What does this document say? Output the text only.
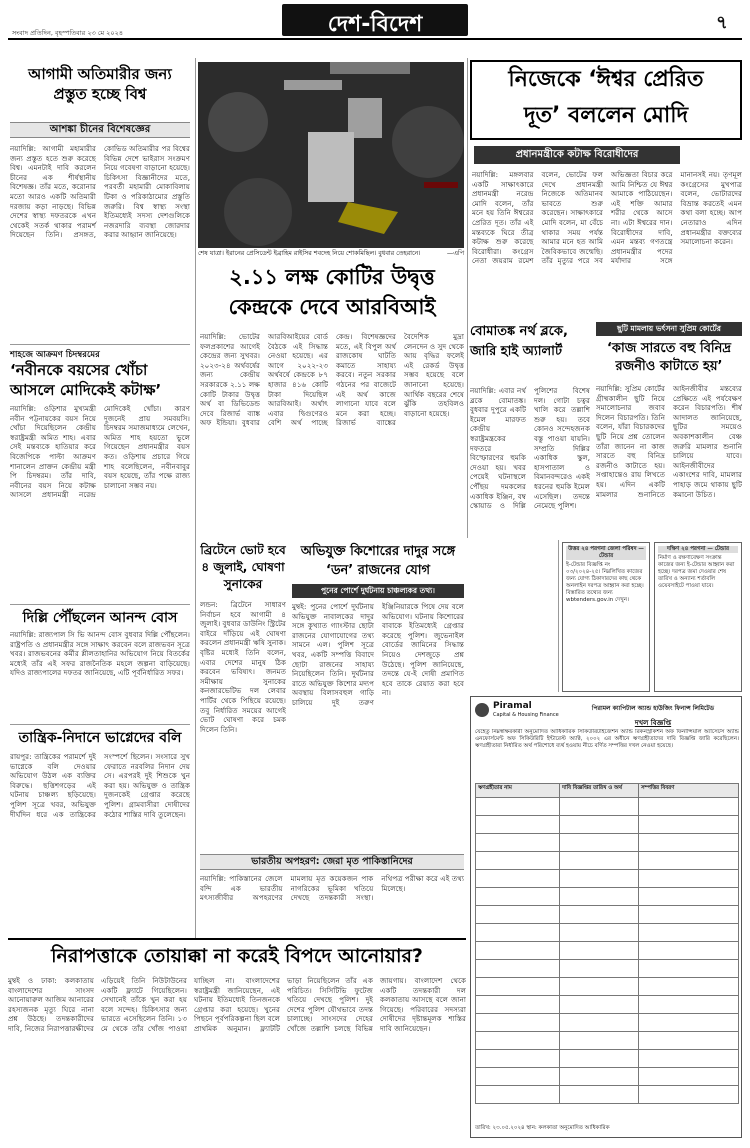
সংবাদ প্রতিদিন, বৃহস্পতিবার ২৩ মে ২০২৪	দেশ-বিদেশ	৭
আগামী অতিমারীর জন্য প্রস্তুত হচ্ছে বিশ্ব
আশঙ্কা চীনের বিশেষজ্ঞের
নয়াদিল্লি: আগামী মহামারীর জন্য প্রস্তুত হতে শুরু করেছে বিশ্ব। এমনটাই দাবি করলেন চীনের এক শীর্ষস্থানীয় বিশেষজ্ঞ। তাঁর মতে, করোনার মতো আরও একটি অতিমারী দরজায় কড়া নাড়ছে। বিভিন্ন দেশের স্বাস্থ্য দফতরকে এখন থেকেই সতর্ক থাকার পরামর্শ দিয়েছেন তিনি। প্রসঙ্গত, কোভিড অতিমারীর পর বিশ্বের বিভিন্ন দেশে ভাইরাস সংক্রমণ নিয়ে গবেষণা বাড়ানো হয়েছে। চিকিৎসা বিজ্ঞানীদের মতে, পরবর্তী মহামারী মোকাবিলায় টিকা ও পরিকাঠামোর প্রস্তুতি জরুরি। বিশ্ব স্বাস্থ্য সংস্থা ইতিমধ্যেই সদস্য দেশগুলিকে নজরদারি ব্যবস্থা জোরদার করার আহ্বান জানিয়েছে।
শেষ যাত্রা। ইরানের প্রেসিডেন্ট ইব্রাহিম রাইসির শবদেহ নিয়ে শোকমিছিল। বুধবার তেহরানে।	—এপি
নিজেকে ‘ঈশ্বর প্রেরিত
দূত’ বললেন মোদি
প্রধানমন্ত্রীকে কটাক্ষ বিরোধীদের
নয়াদিল্লি: মঙ্গলবার একটি সাক্ষাৎকারে প্রধানমন্ত্রী নরেন্দ্র মোদি বলেন, তাঁর মনে হয় তিনি ঈশ্বরের প্রেরিত দূত। তাঁর এই মন্তব্যকে ঘিরে তীব্র কটাক্ষ শুরু করেছে বিরোধীরা। কংগ্রেস নেতা জয়রাম রমেশ বলেন, ভোটের ফল দেখে প্রধানমন্ত্রী নিজেকে অতিমানব ভাবতে শুরু করেছেন। সাক্ষাৎকারে মোদি বলেন, মা বেঁচে থাকার সময় পর্যন্ত আমার মনে হত আমি জৈবিকভাবে জন্মেছি। তাঁর মৃত্যুর পরে সব অভিজ্ঞতা বিচার করে আমি নিশ্চিত যে ঈশ্বর আমাকে পাঠিয়েছেন। এই শক্তি আমার শরীর থেকে আসে না। এটা ঈশ্বরের দান। বিরোধীদের দাবি, এমন মন্তব্য গণতন্ত্রে প্রধানমন্ত্রীর পদের মর্যাদার সঙ্গে মানানসই নয়। তৃণমূল কংগ্রেসের মুখপাত্র বলেন, ভোটারদের বিভ্রান্ত করতেই এমন কথা বলা হচ্ছে। আপ নেতারাও এদিন প্রধানমন্ত্রীর বক্তব্যের সমালোচনা করেন।
শাহজে আক্রমণ চিদম্বরমের
‘নবীনকে বয়সের খোঁচা আসলে মোদিকেই কটাক্ষ’
নয়াদিল্লি: ওড়িশার মুখ্যমন্ত্রী নবীন পট্টনায়কের বয়স নিয়ে খোঁচা দিয়েছিলেন কেন্দ্রীয় স্বরাষ্ট্রমন্ত্রী অমিত শাহ। এবার সেই মন্তব্যকে হাতিয়ার করে বিজেপিকে পাল্টা আক্রমণ শানালেন প্রাক্তন কেন্দ্রীয় মন্ত্রী পি চিদম্বরম। তাঁর দাবি, নবীনের বয়স নিয়ে কটাক্ষ আসলে প্রধানমন্ত্রী নরেন্দ্র মোদিকেই খোঁচা। কারণ দুজনেই প্রায় সমবয়সি। চিদম্বরম সমাজমাধ্যমে লেখেন, অমিত শাহ হয়তো ভুলে গিয়েছেন প্রধানমন্ত্রীর বয়স কত। ওড়িশায় প্রচারে গিয়ে শাহ বলেছিলেন, নবীনবাবুর বয়স হয়েছে, তাঁর পক্ষে রাজ্য চালানো সম্ভব নয়।
২.১১ লক্ষ কোটির উদ্বৃত্ত কেন্দ্রকে দেবে আরবিআই
নয়াদিল্লি: ভোটের ফলপ্রকাশের আগেই কেন্দ্রের জন্য সুখবর। ২০২৩-২৪ অর্থবর্ষের জন্য কেন্দ্রীয় সরকারকে ২.১১ লক্ষ কোটি টাকার উদ্বৃত্ত অর্থ বা ডিভিডেন্ড দেবে রিজার্ভ ব্যাঙ্ক অফ ইন্ডিয়া। বুধবার আরবিআইয়ের বোর্ড বৈঠকে এই সিদ্ধান্ত নেওয়া হয়েছে। এর আগে ২০২২-২৩ অর্থবর্ষে কেন্দ্রকে ৮৭ হাজার ৪১৬ কোটি টাকা দিয়েছিল আরবিআই। অর্থাৎ এবার দ্বিগুণেরও বেশি অর্থ পাচ্ছে কেন্দ্র। বিশেষজ্ঞদের মতে, এই বিপুল অর্থ রাজকোষ ঘাটতি কমাতে সাহায্য করবে। নতুন সরকার গঠনের পর বাজেটে এই অর্থ কাজে লাগানো যাবে বলে মনে করা হচ্ছে। রিজার্ভ ব্যাঙ্কের বৈদেশিক মুদ্রা লেনদেন ও সুদ থেকে আয় বৃদ্ধির ফলেই এই রেকর্ড উদ্বৃত্ত সম্ভব হয়েছে বলে জানানো হয়েছে। আর্থিক বছরের শেষে ঝুঁকি তহবিলও বাড়ানো হয়েছে।
বোমাতঙ্ক নর্থ ব্লকে, জারি হাই অ্যালার্ট
নয়াদিল্লি: এবার নর্থ ব্লকে বোমাতঙ্ক। বুধবার দুপুরে একটি ইমেল মারফত কেন্দ্রীয় স্বরাষ্ট্রমন্ত্রকের দফতরে বিস্ফোরণের হুমকি দেওয়া হয়। খবর পেয়েই ঘটনাস্থলে পৌঁছয় দমকলের একাধিক ইঞ্জিন, বম্ব স্কোয়াড ও দিল্লি পুলিশের বিশেষ দল। গোটা চত্বর খালি করে তল্লাশি শুরু হয়। তবে কোনও সন্দেহজনক বস্তু পাওয়া যায়নি। সম্প্রতি দিল্লির একাধিক স্কুল, হাসপাতাল ও বিমানবন্দরেও একই ধরনের হুমকি ইমেল এসেছিল। তদন্তে নেমেছে পুলিশ।
ছুটি মামলায় ভর্ৎসনা সুপ্রিম কোর্টের
‘কাজ সারতে বহু বিনিদ্র রজনীও কাটাতে হয়’
নয়াদিল্লি: সুপ্রিম কোর্টের গ্রীষ্মকালীন ছুটি নিয়ে সমালোচনার জবাব দিলেন বিচারপতি। তিনি বলেন, যাঁরা বিচারকদের ছুটি নিয়ে প্রশ্ন তোলেন তাঁরা জানেন না কাজ সারতে বহু বিনিদ্র রজনীও কাটাতে হয়। সপ্তাহান্তেও রায় লিখতে হয়। এদিন একটি মামলার শুনানিতে আইনজীবীর মন্তব্যের প্রেক্ষিতে এই পর্যবেক্ষণ করেন বিচারপতি। শীর্ষ আদালত জানিয়েছে, ছুটির সময়েও অবকাশকালীন বেঞ্চ জরুরি মামলার শুনানি চালিয়ে যাবে। আইনজীবীদের একাংশের দাবি, মামলার পাহাড় জমে থাকায় ছুটি কমানো উচিত।
ব্রিটেনে ভোট হবে ৪ জুলাই, ঘোষণা সুনাকের
লন্ডন: ব্রিটেনে সাধারণ নির্বাচন হবে আগামী ৪ জুলাই। বুধবার ডাউনিং স্ট্রিটের বাইরে দাঁড়িয়ে এই ঘোষণা করলেন প্রধানমন্ত্রী ঋষি সুনাক। বৃষ্টির মধ্যেই তিনি বলেন, এবার দেশের মানুষ ঠিক করবেন ভবিষ্যৎ। জনমত সমীক্ষায় সুনাকের কনজারভেটিভ দল লেবার পার্টির থেকে পিছিয়ে রয়েছে। তবু নির্ধারিত সময়ের আগেই ভোট ঘোষণা করে চমক দিলেন তিনি।
অভিযুক্ত কিশোরের দাদুর সঙ্গে ‘ডন’ রাজনের যোগ
পুনের পোর্শে দুর্ঘটনায় চাঞ্চল্যকর তথ্য।
মুম্বই: পুনের পোর্শে দুর্ঘটনায় অভিযুক্ত নাবালকের দাদুর সঙ্গে কুখ্যাত গ্যাংস্টার ছোটা রাজনের যোগাযোগের তথ্য সামনে এল। পুলিশ সূত্রে খবর, একটি সম্পত্তি বিবাদে ছোটা রাজনের সাহায্য নিয়েছিলেন তিনি। দুর্ঘটনার রাতে অভিযুক্ত কিশোর মদ্যপ অবস্থায় বিলাসবহুল গাড়ি চালিয়ে দুই তরুণ ইঞ্জিনিয়ারকে পিষে দেয় বলে অভিযোগ। ঘটনায় কিশোরের বাবাকে ইতিমধ্যেই গ্রেপ্তার করেছে পুলিশ। জুভেনাইল বোর্ডের জামিনের সিদ্ধান্ত নিয়েও দেশজুড়ে প্রশ্ন উঠেছে। পুলিশ জানিয়েছে, তদন্তে যে-ই দোষী প্রমাণিত হবে তাকে রেয়াত করা হবে না।
দিল্লি পৌঁছলেন আনন্দ বোস
নয়াদিল্লি: রাজ্যপাল সি ভি আনন্দ বোস বুধবার দিল্লি পৌঁছলেন। রাষ্ট্রপতি ও প্রধানমন্ত্রীর সঙ্গে সাক্ষাৎ করবেন বলে রাজভবন সূত্রে খবর। রাজভবনের কর্মীর শ্লীলতাহানির অভিযোগ নিয়ে বিতর্কের মধ্যেই তাঁর এই সফর রাজনৈতিক মহলে জল্পনা বাড়িয়েছে। যদিও রাজ্যপালের দফতর জানিয়েছে, এটি পূর্বনির্ধারিত সফর।
তান্ত্রিক-নিদানে ভাগ্নেদের বলি
রায়পুর: তান্ত্রিকের পরামর্শে দুই ভাগ্নেকে বলি দেওয়ার অভিযোগ উঠল এক ব্যক্তির বিরুদ্ধে। ছত্তিশগড়ের এই ঘটনায় চাঞ্চল্য ছড়িয়েছে। পুলিশ সূত্রে খবর, অভিযুক্ত দীর্ঘদিন ধরে এক তান্ত্রিকের সংস্পর্শে ছিলেন। সংসারে সুখ ফেরাতে নরবলির নিদান দেয় সে। এরপরই দুই শিশুকে খুন করা হয়। অভিযুক্ত ও তান্ত্রিক দুজনকেই গ্রেপ্তার করেছে পুলিশ। গ্রামবাসীরা দোষীদের কঠোর শাস্তির দাবি তুলেছেন।
ভারতীয় অপহরণ: জেরা মৃত পাকিস্তানিদের
নয়াদিল্লি: পাকিস্তানের জেলে বন্দি এক ভারতীয় মৎস্যজীবীর অপহরণের মামলায় মৃত কয়েকজন পাক নাগরিকের ভূমিকা খতিয়ে দেখছে তদন্তকারী সংস্থা। নথিপত্র পরীক্ষা করে এই তথ্য মিলেছে।
উত্তর ২৪ পরগনা জেলা পরিষদ — টেন্ডার
ই-টেন্ডার বিজ্ঞপ্তি নং ০৩/২০২৪-২৫। নিম্নলিখিত কাজের জন্য যোগ্য ঠিকাদারদের কাছ থেকে অনলাইন দরপত্র আহ্বান করা হচ্ছে। বিস্তারিত তথ্যের জন্য wbtenders.gov.in দেখুন।
দক্ষিণ ২৪ পরগনা — টেন্ডার
নির্মাণ ও রক্ষণাবেক্ষণ সংক্রান্ত কাজের জন্য ই-টেন্ডার আহ্বান করা হচ্ছে। দরপত্র জমা দেওয়ার শেষ তারিখ ও অন্যান্য শর্তাবলি ওয়েবসাইটে পাওয়া যাবে।
Piramal
Capital & Housing Finance
পিরামল ক্যাপিটাল অ্যান্ড হাউজিং ফিনান্স লিমিটেড
দখল বিজ্ঞপ্তি
যেহেতু নিম্নস্বাক্ষরকারী অনুমোদিত আধিকারিক সিকিউরিটাইজেশন অ্যান্ড রিকনস্ট্রাকশন অফ ফিনান্সিয়াল অ্যাসেটস অ্যান্ড এনফোর্সমেন্ট অফ সিকিউরিটি ইন্টারেস্ট অ্যাক্ট, ২০০২ এর অধীনে ঋণগ্রহীতাদের দাবি বিজ্ঞপ্তি জারি করেছিলেন। ঋণগ্রহীতারা নির্ধারিত অর্থ পরিশোধে ব্যর্থ হওয়ায় নীচে বর্ণিত সম্পত্তির দখল নেওয়া হয়েছে।
ঋণগ্রহীতার নাম	দাবি বিজ্ঞপ্তির তারিখ ও অর্থ	সম্পত্তির বিবরণ

তারিখ: ২৩.০৫.২০২৪ স্থান: কলকাতা অনুমোদিত আধিকারিক
নিরাপত্তাকে তোয়াক্কা না করেই বিপদে আনোয়ার?
মুম্বই ও ঢাকা: কলকাতায় বাংলাদেশের সাংসদ আনোয়ারুল আজিম আনারের রহস্যজনক মৃত্যু ঘিরে নানা প্রশ্ন উঠছে। তদন্তকারীদের দাবি, নিজের নিরাপত্তারক্ষীদের এড়িয়েই তিনি নিউটাউনের একটি ফ্ল্যাটে গিয়েছিলেন। সেখানেই তাঁকে খুন করা হয় বলে সন্দেহ। চিকিৎসার জন্য ভারতে এসেছিলেন তিনি। ১৩ মে থেকে তাঁর খোঁজ পাওয়া যাচ্ছিল না। বাংলাদেশের স্বরাষ্ট্রমন্ত্রী জানিয়েছেন, এই ঘটনায় ইতিমধ্যেই তিনজনকে গ্রেপ্তার করা হয়েছে। খুনের পিছনে পূর্বপরিকল্পনা ছিল বলে প্রাথমিক অনুমান। ফ্ল্যাটটি ভাড়া নিয়েছিলেন তাঁর এক পরিচিত। সিসিটিভি ফুটেজ খতিয়ে দেখছে পুলিশ। দুই দেশের পুলিশ যৌথভাবে তদন্ত চালাচ্ছে। সাংসদের দেহের খোঁজে তল্লাশি চলছে বিভিন্ন জায়গায়। বাংলাদেশ থেকে একটি তদন্তকারী দল কলকাতায় আসছে বলে জানা গিয়েছে। পরিবারের সদস্যরা দোষীদের দৃষ্টান্তমূলক শাস্তির দাবি জানিয়েছেন।
